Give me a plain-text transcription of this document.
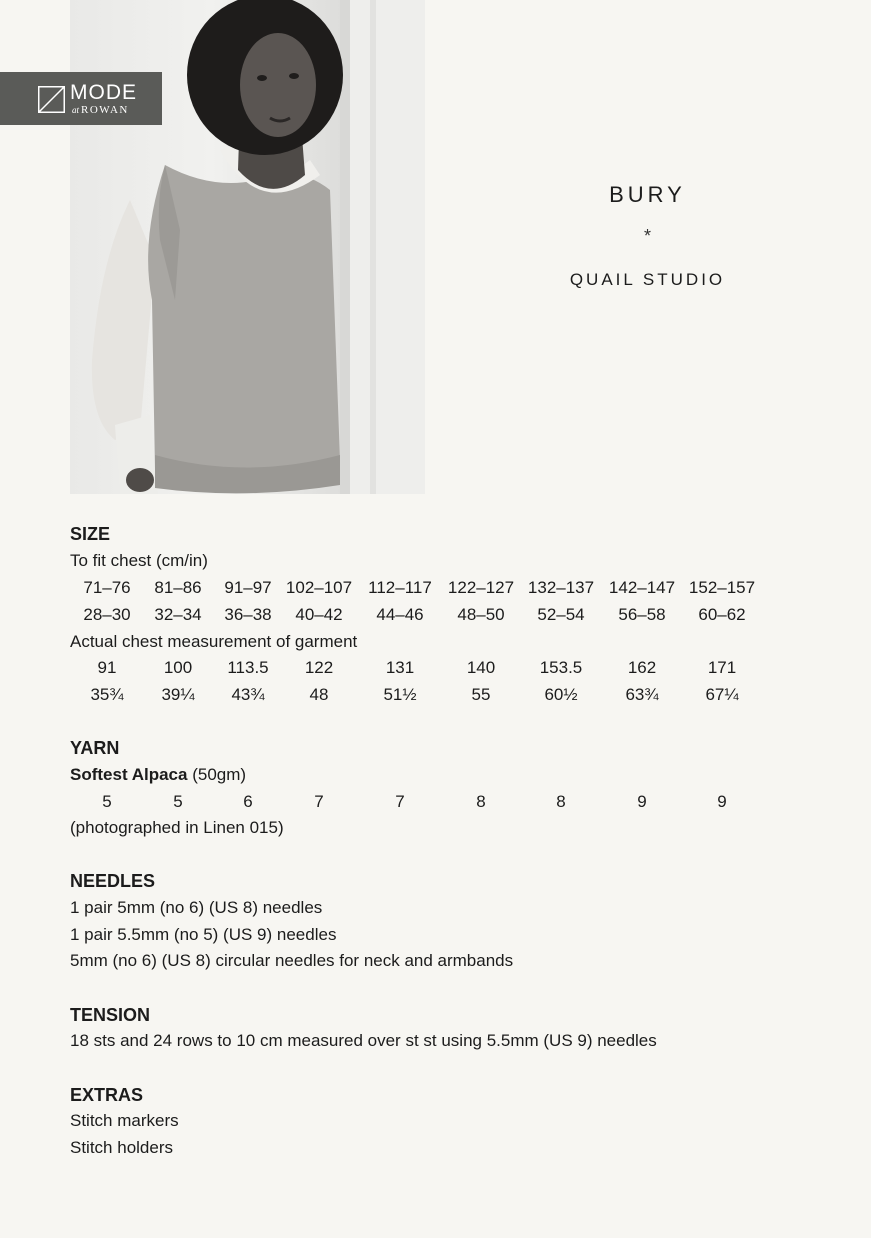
MODE
at ROWAN
BURY
*
QUAIL STUDIO
SIZE
To fit chest (cm/in)
71–76	81–86	91–97 102–107 112–117 122–127 132–137 142–147 152–157
28–30	32–34	36–38	40–42	44–46	48–50	52–54	56–58	60–62
Actual chest measurement of garment
91	100	113.5	122	131	140	153.5	162	171
35¾	39¼	43¾	48	51½	55	60½	63¾	67¼
YARN
Softest Alpaca (50gm)
5	5	6	7	7	8	8	9	9
(photographed in Linen 015)
NEEDLES
1 pair 5mm (no 6) (US 8) needles
1 pair 5.5mm (no 5) (US 9) needles
5mm (no 6) (US 8) circular needles for neck and armbands
TENSION
18 sts and 24 rows to 10 cm measured over st st using 5.5mm (US 9) needles
EXTRAS
Stitch markers
Stitch holders
